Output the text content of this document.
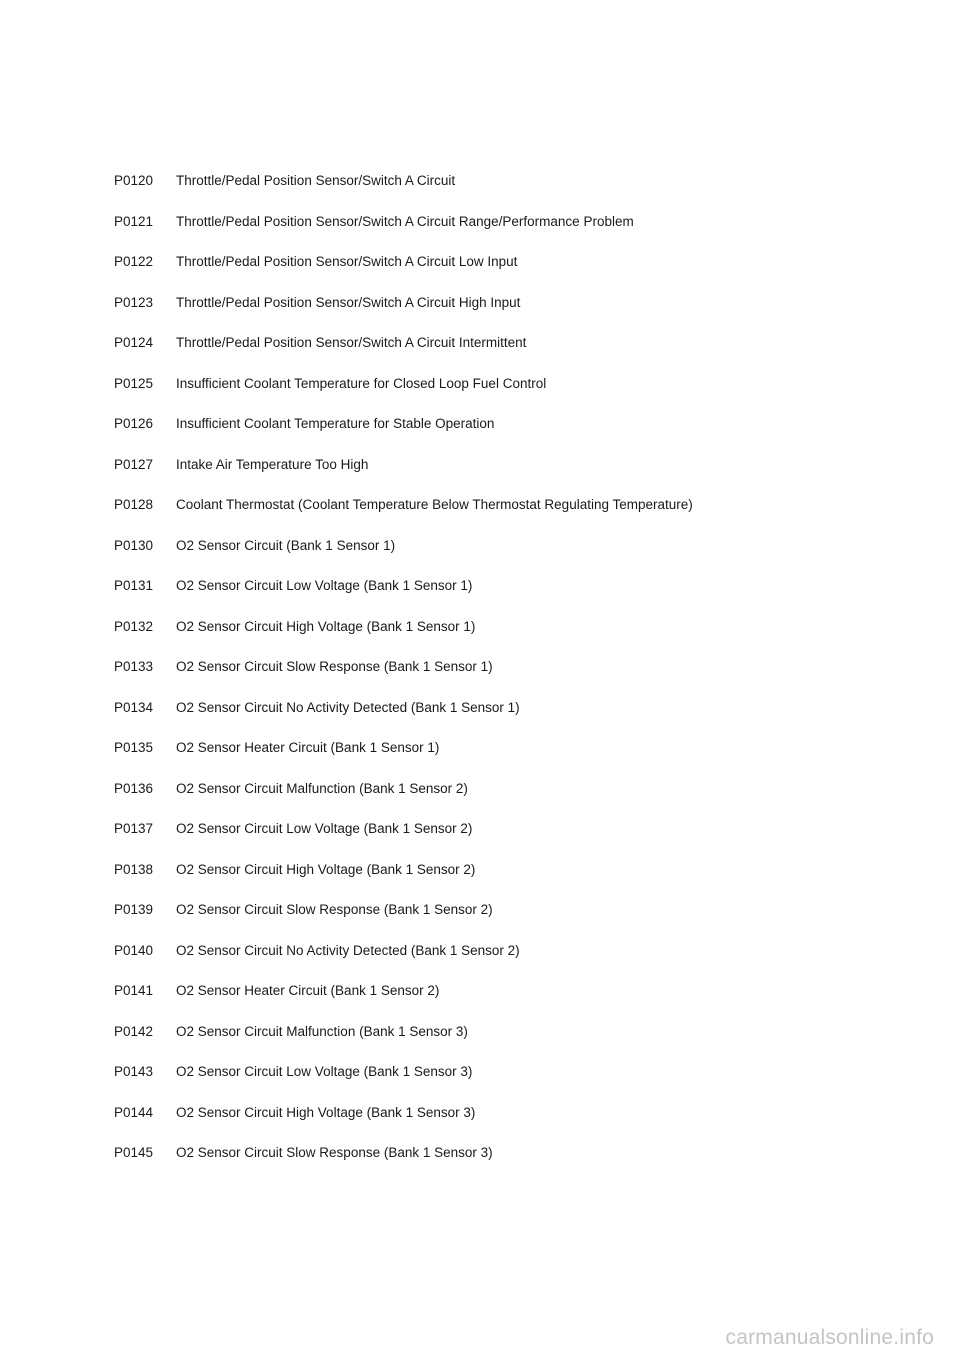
P0120	Throttle/Pedal Position Sensor/Switch A Circuit
P0121	Throttle/Pedal Position Sensor/Switch A Circuit Range/Performance Problem
P0122	Throttle/Pedal Position Sensor/Switch A Circuit Low Input
P0123	Throttle/Pedal Position Sensor/Switch A Circuit High Input
P0124	Throttle/Pedal Position Sensor/Switch A Circuit Intermittent
P0125	Insufficient Coolant Temperature for Closed Loop Fuel Control
P0126	Insufficient Coolant Temperature for Stable Operation
P0127	Intake Air Temperature Too High
P0128	Coolant Thermostat (Coolant Temperature Below Thermostat Regulating Temperature)
P0130	O2 Sensor Circuit (Bank 1 Sensor 1)
P0131	O2 Sensor Circuit Low Voltage (Bank 1 Sensor 1)
P0132	O2 Sensor Circuit High Voltage (Bank 1 Sensor 1)
P0133	O2 Sensor Circuit Slow Response (Bank 1 Sensor 1)
P0134	O2 Sensor Circuit No Activity Detected (Bank 1 Sensor 1)
P0135	O2 Sensor Heater Circuit (Bank 1 Sensor 1)
P0136	O2 Sensor Circuit Malfunction (Bank 1 Sensor 2)
P0137	O2 Sensor Circuit Low Voltage (Bank 1 Sensor 2)
P0138	O2 Sensor Circuit High Voltage (Bank 1 Sensor 2)
P0139	O2 Sensor Circuit Slow Response (Bank 1 Sensor 2)
P0140	O2 Sensor Circuit No Activity Detected (Bank 1 Sensor 2)
P0141	O2 Sensor Heater Circuit (Bank 1 Sensor 2)
P0142	O2 Sensor Circuit Malfunction (Bank 1 Sensor 3)
P0143	O2 Sensor Circuit Low Voltage (Bank 1 Sensor 3)
P0144	O2 Sensor Circuit High Voltage (Bank 1 Sensor 3)
P0145	O2 Sensor Circuit Slow Response (Bank 1 Sensor 3)
carmanualsonline.info
